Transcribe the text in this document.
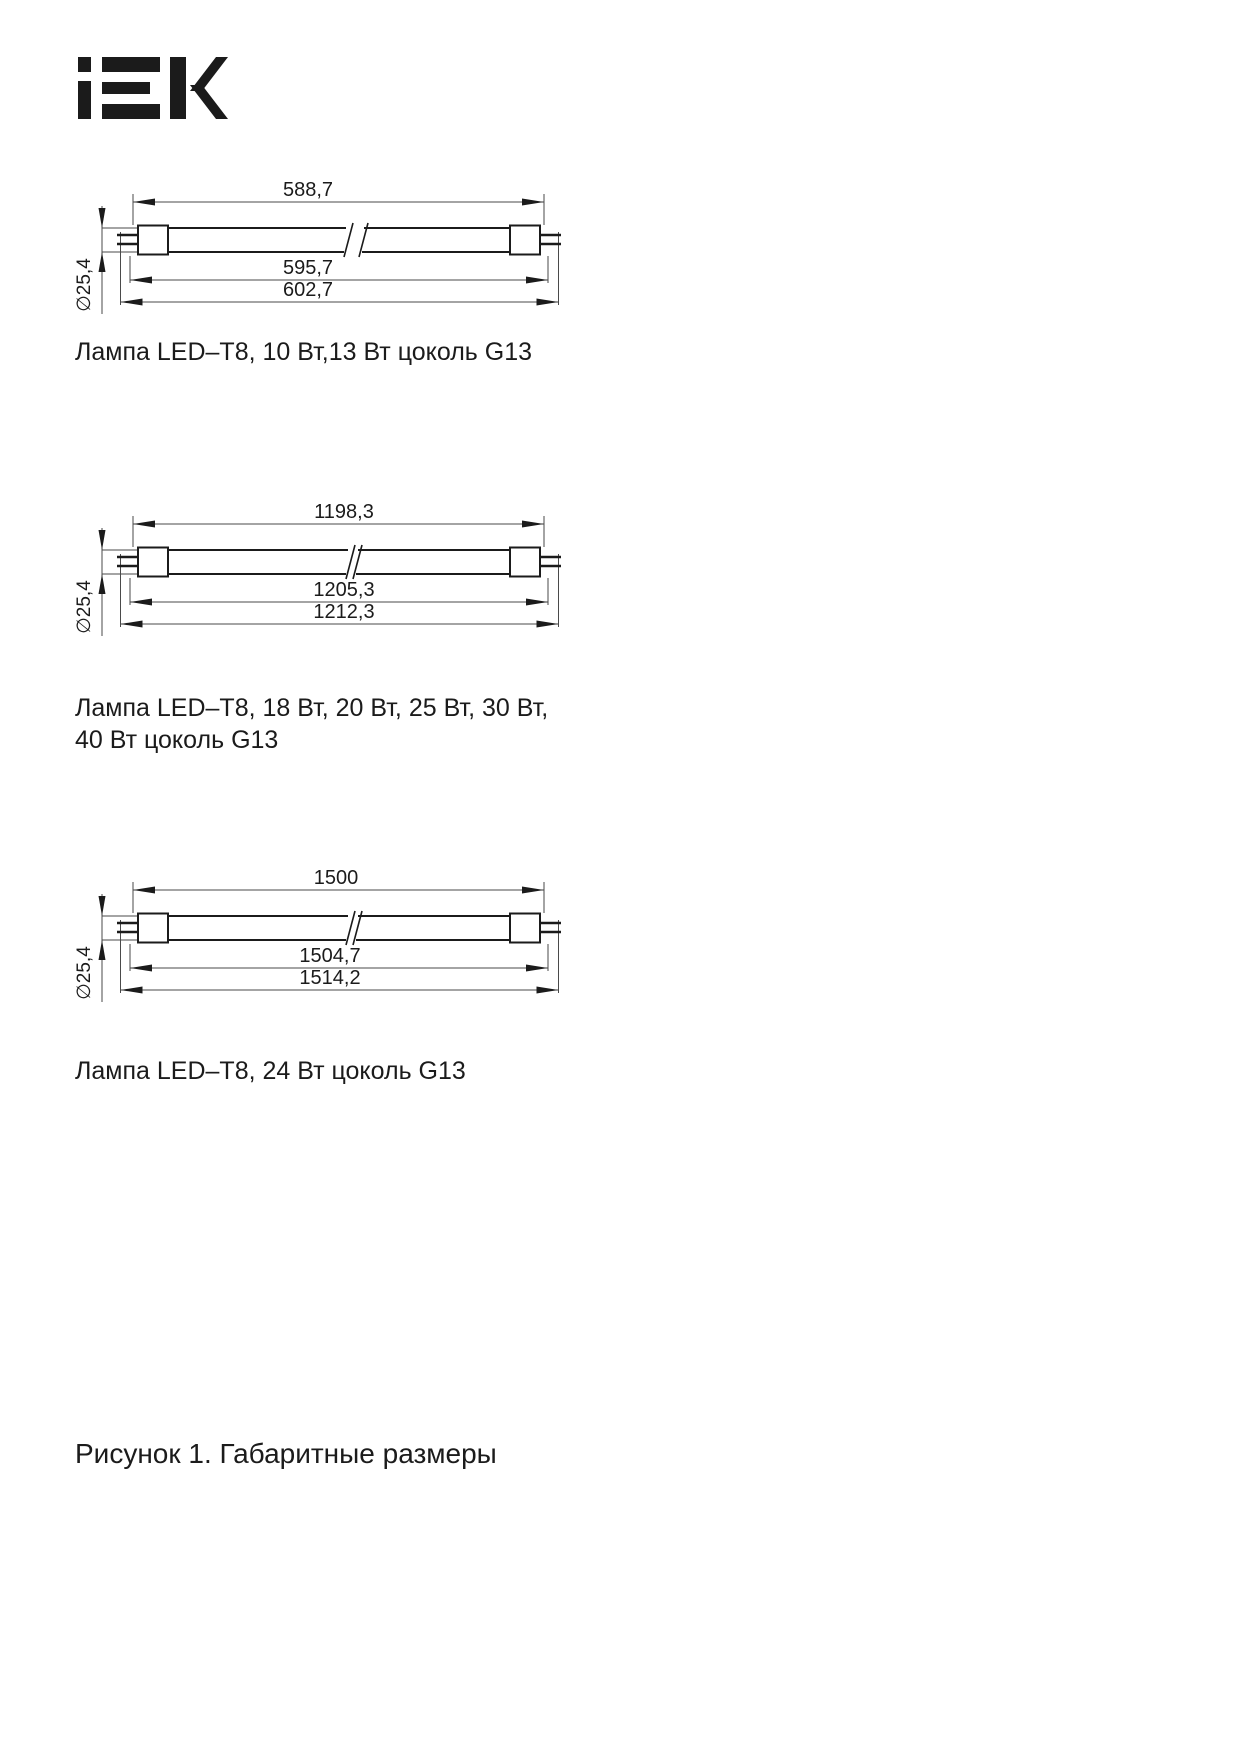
588,7
∅25,4	595,7
602,7
Лампа LED–T8, 10 Вт,13 Вт цоколь G13
1198,3
∅25,4	1205,3
1212,3
Лампа LED–T8, 18 Вт, 20 Вт, 25 Вт, 30 Вт,
40 Вт цоколь G13
1500
∅25,4	1504,7
1514,2
Лампа LED–T8, 24 Вт цоколь G13
Рисунок 1. Габаритные размеры
